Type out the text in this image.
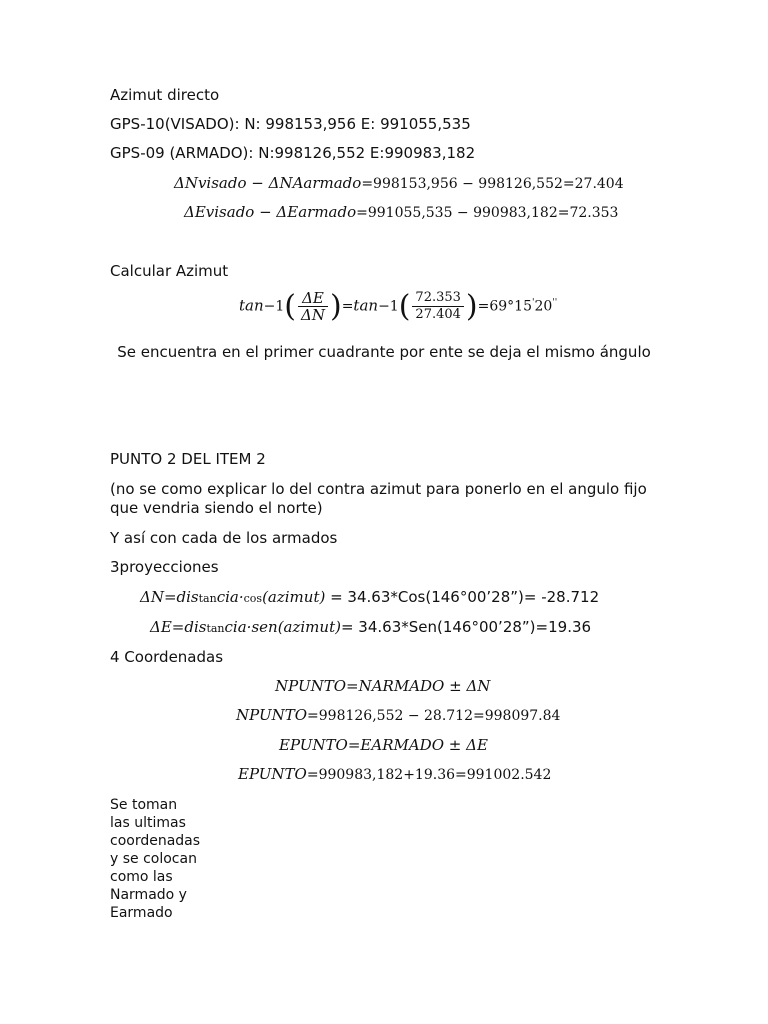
Azimut directo
GPS-10(VISADO): N: 998153,956 E: 991055,535
GPS-09 (ARMADO): N:998126,552 E:990983,182
ΔNvisado − ΔNAarmado=998153,956 − 998126,552=27.404
ΔEvisado − ΔEarmado=991055,535 − 990983,182=72.353
Calcular Azimut
$\tan-1( \frac{\Delta E}{\Delta N} )=\tan-1( \frac{72.353}{27.404} )=69^\circ 15'20''$
Se encuentra en el primer cuadrante por ente se deja el mismo ángulo
PUNTO 2 DEL ITEM 2
(no se como explicar lo del contra azimut para ponerlo en el angulo fijo que vendria siendo el norte)
Y así con cada de los armados
3proyecciones
ΔN=distancia·cos(azimut) = 34.63*Cos(146°00’28”)= -28.712
ΔE=distancia·sen(azimut)= 34.63*Sen(146°00’28”)=19.36
4 Coordenadas
NPUNTO=NARMADO ± ΔN
NPUNTO=998126,552 − 28.712=998097.84
EPUNTO=EARMADO ± ΔE
EPUNTO=990983,182+19.36=991002.542
Se toman
las ultimas
coordenadas
y se colocan
como las
Narmado y
Earmado
